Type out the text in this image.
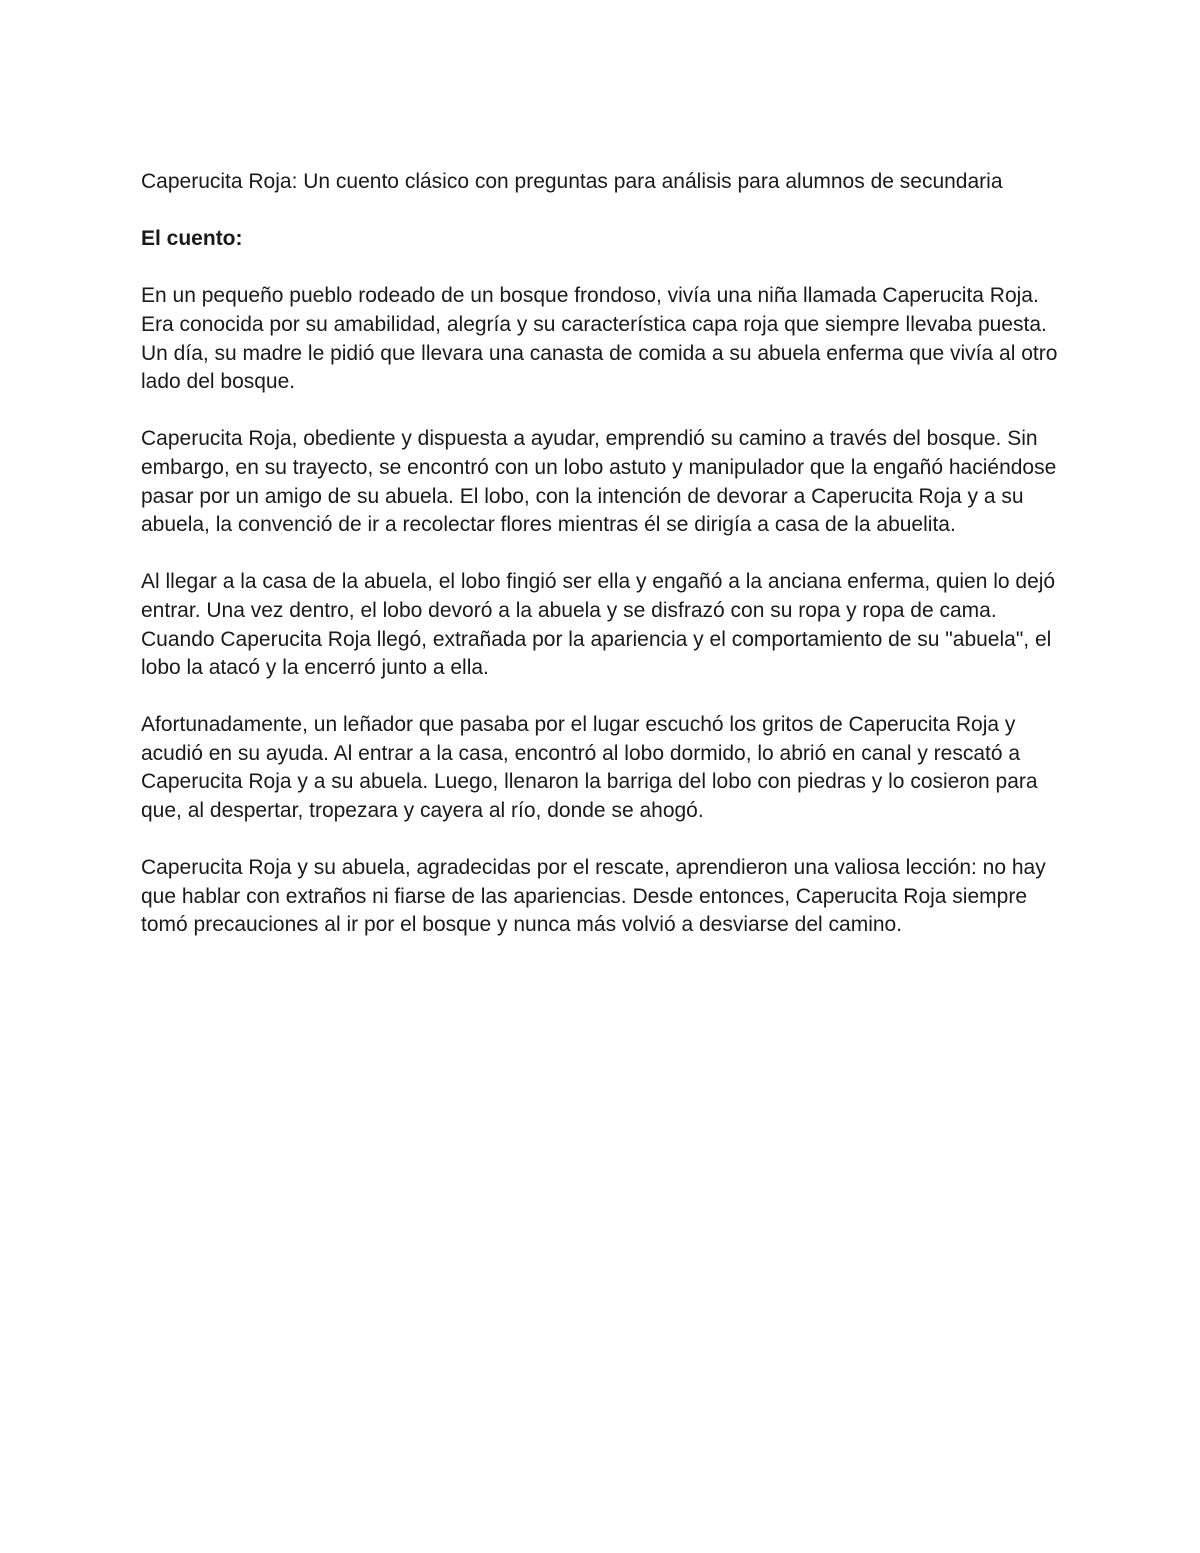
Caperucita Roja: Un cuento clásico con preguntas para análisis para alumnos de secundaria

El cuento:

En un pequeño pueblo rodeado de un bosque frondoso, vivía una niña llamada Caperucita Roja. Era conocida por su amabilidad, alegría y su característica capa roja que siempre llevaba puesta. Un día, su madre le pidió que llevara una canasta de comida a su abuela enferma que vivía al otro lado del bosque.

Caperucita Roja, obediente y dispuesta a ayudar, emprendió su camino a través del bosque. Sin embargo, en su trayecto, se encontró con un lobo astuto y manipulador que la engañó haciéndose pasar por un amigo de su abuela. El lobo, con la intención de devorar a Caperucita Roja y a su abuela, la convenció de ir a recolectar flores mientras él se dirigía a casa de la abuelita.

Al llegar a la casa de la abuela, el lobo fingió ser ella y engañó a la anciana enferma, quien lo dejó entrar. Una vez dentro, el lobo devoró a la abuela y se disfrazó con su ropa y ropa de cama. Cuando Caperucita Roja llegó, extrañada por la apariencia y el comportamiento de su "abuela", el lobo la atacó y la encerró junto a ella.

Afortunadamente, un leñador que pasaba por el lugar escuchó los gritos de Caperucita Roja y acudió en su ayuda. Al entrar a la casa, encontró al lobo dormido, lo abrió en canal y rescató a Caperucita Roja y a su abuela. Luego, llenaron la barriga del lobo con piedras y lo cosieron para que, al despertar, tropezara y cayera al río, donde se ahogó.

Caperucita Roja y su abuela, agradecidas por el rescate, aprendieron una valiosa lección: no hay que hablar con extraños ni fiarse de las apariencias. Desde entonces, Caperucita Roja siempre tomó precauciones al ir por el bosque y nunca más volvió a desviarse del camino.
